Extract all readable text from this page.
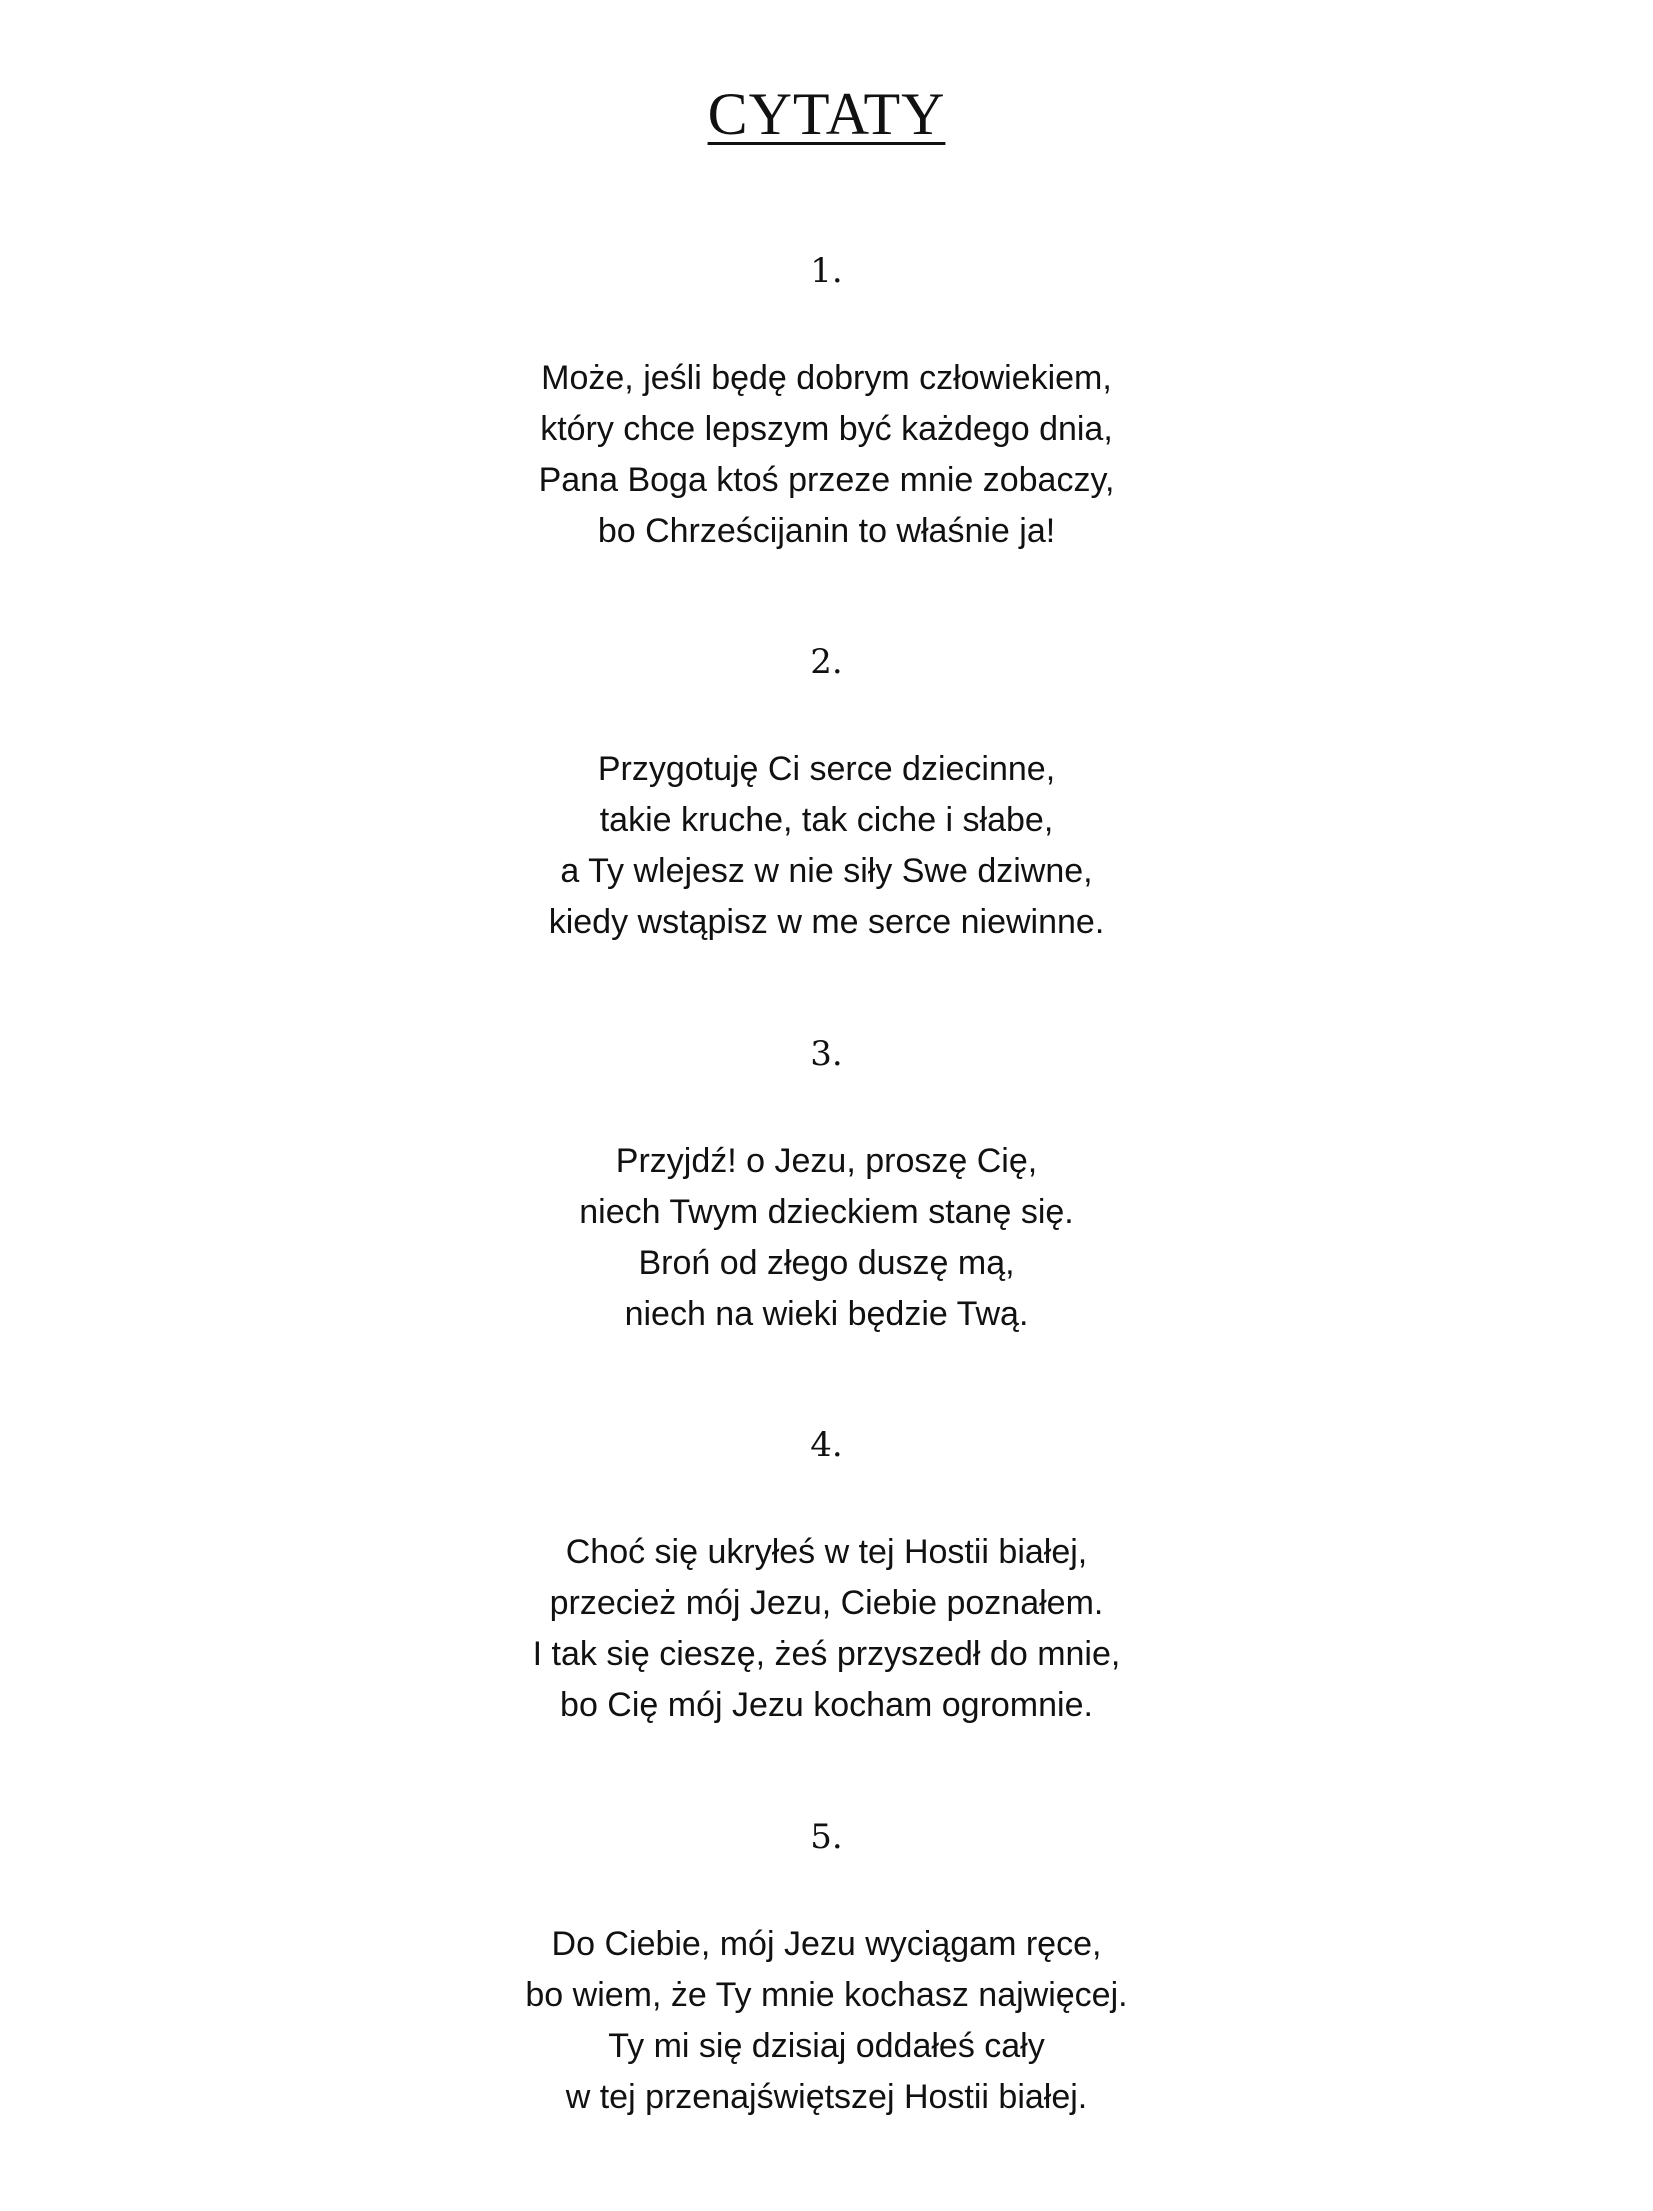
CYTATY
1.
Może, jeśli będę dobrym człowiekiem,
który chce lepszym być każdego dnia,
Pana Boga ktoś przeze mnie zobaczy,
bo Chrześcijanin to właśnie ja!
2.
Przygotuję Ci serce dziecinne,
takie kruche, tak ciche i słabe,
a Ty wlejesz w nie siły Swe dziwne,
kiedy wstąpisz w me serce niewinne.
3.
Przyjdź! o Jezu, proszę Cię,
niech Twym dzieckiem stanę się.
Broń od złego duszę mą,
niech na wieki będzie Twą.
4.
Choć się ukryłeś w tej Hostii białej,
przecież mój Jezu, Ciebie poznałem.
I tak się cieszę, żeś przyszedł do mnie,
bo Cię mój Jezu kocham ogromnie.
5.
Do Ciebie, mój Jezu wyciągam ręce,
bo wiem, że Ty mnie kochasz najwięcej.
Ty mi się dzisiaj oddałeś cały
w tej przenajświętszej Hostii białej.
